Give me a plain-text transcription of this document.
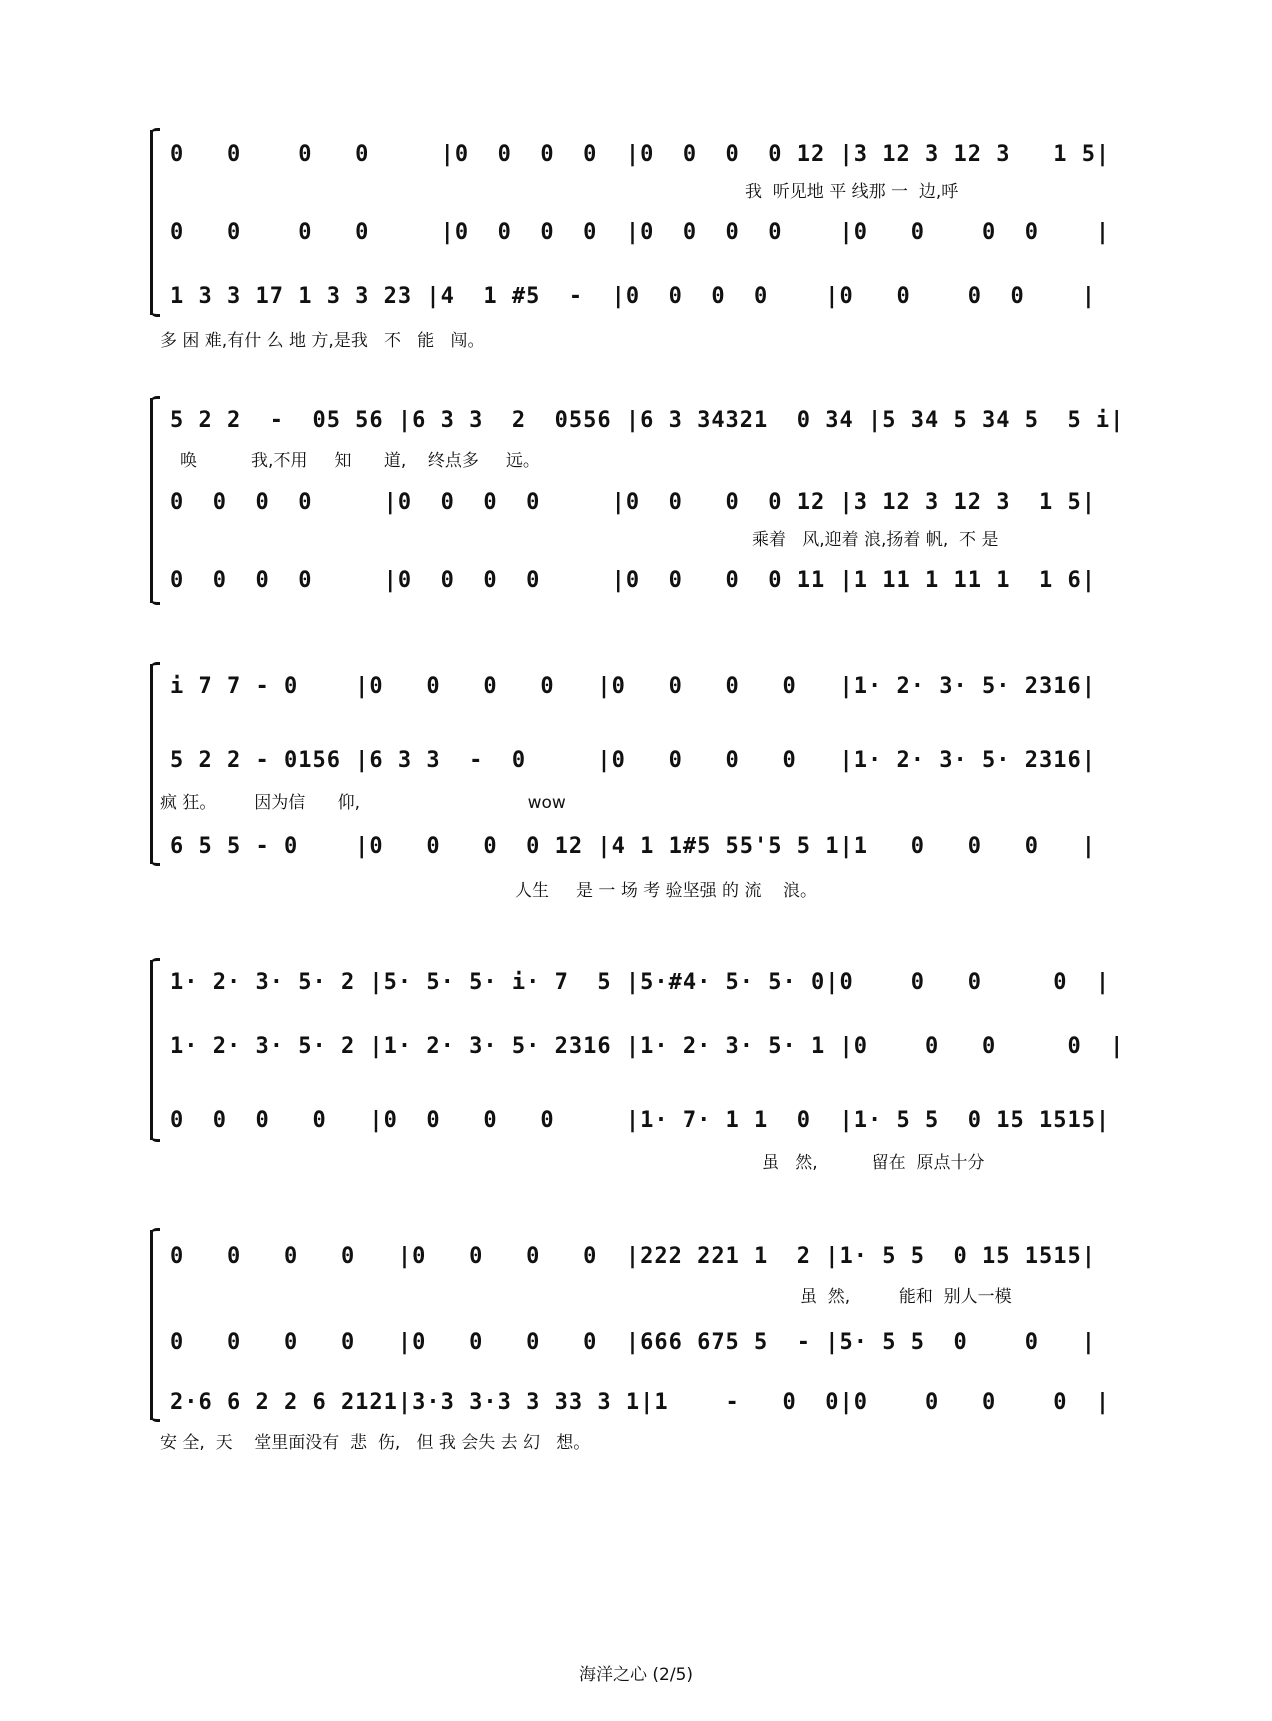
0   0    0   0     |0  0  0  0  |0  0  0  0 12 |3 12 3 12 3   1 5|
我  听见地 平 线那 一  边,呼
0   0    0   0     |0  0  0  0  |0  0  0  0    |0   0    0  0    |
1 3 3 17 1 3 3 23 |4  1 #5  -  |0  0  0  0    |0   0    0  0    |
多 困 难,有什 么 地 方,是我   不   能   闯。
5 2 2  -  05 56 |6 3 3  2  0556 |6 3 34321  0 34 |5 34 5 34 5  5 i|
唤          我,不用     知      道,    终点多     远。
0  0  0  0     |0  0  0  0     |0  0   0  0 12 |3 12 3 12 3  1 5|
乘着   风,迎着 浪,扬着 帆,  不 是
0  0  0  0     |0  0  0  0     |0  0   0  0 11 |1 11 1 11 1  1 6|
i 7 7 - 0    |0   0   0   0   |0   0   0   0   |1· 2· 3· 5· 2316|
5 2 2 - 0156 |6 3 3  -  0     |0   0   0   0   |1· 2· 3· 5· 2316|
疯 狂。       因为信      仰,                               wow
6 5 5 - 0    |0   0   0  0 12 |4 1 1#5 55'5 5 1|1   0   0   0   |
人生     是 一 场 考 验坚强 的 流    浪。
1· 2· 3· 5· 2 |5· 5· 5· i· 7  5 |5·#4· 5· 5· 0|0    0   0     0  |
1· 2· 3· 5· 2 |1· 2· 3· 5· 2316 |1· 2· 3· 5· 1 |0    0   0     0  |
0  0  0   0   |0  0   0   0     |1· 7· 1 1  0  |1· 5 5  0 15 1515|
虽   然,          留在  原点十分
0   0   0   0   |0   0   0   0  |222 221 1  2 |1· 5 5  0 15 1515|
虽  然,         能和  别人一模
0   0   0   0   |0   0   0   0  |666 675 5  - |5· 5 5  0    0   |
2·6 6 2 2 6 2121|3·3 3·3 3 33 3 1|1    -   0  0|0    0   0    0  |
安 全,  天    堂里面没有  悲  伤,   但 我 会失 去 幻   想。
海洋之心 (2/5)
